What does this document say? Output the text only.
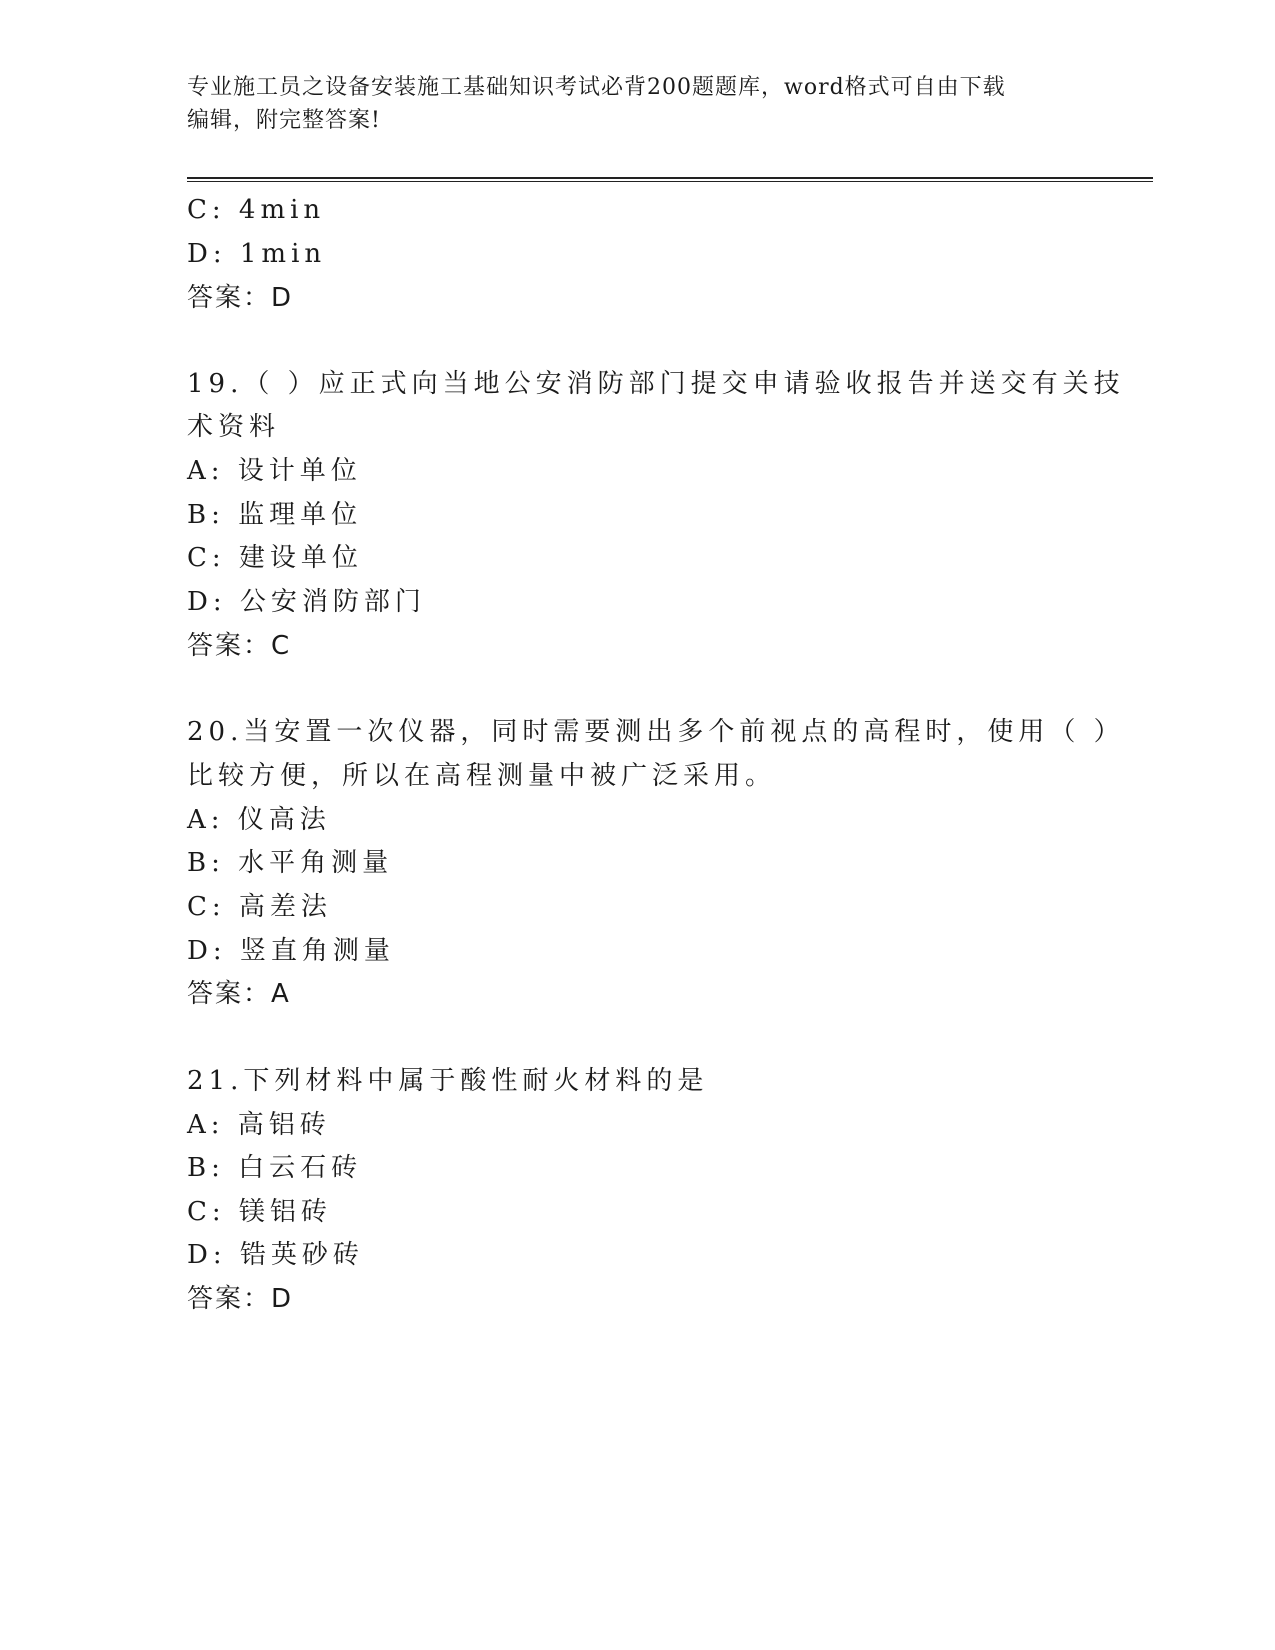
专业施工员之设备安装施工基础知识考试必背200题题库，word格式可自由下载
编辑，附完整答案!
C: 4min
D: 1min
答案：D
19.（ ）应正式向当地公安消防部门提交申请验收报告并送交有关技
术资料
A: 设计单位
B: 监理单位
C: 建设单位
D: 公安消防部门
答案：C
20.当安置一次仪器，同时需要测出多个前视点的高程时，使用（ ）
比较方便，所以在高程测量中被广泛采用。
A: 仪高法
B: 水平角测量
C: 高差法
D: 竖直角测量
答案：A
21.下列材料中属于酸性耐火材料的是
A: 高铝砖
B: 白云石砖
C: 镁铝砖
D: 锆英砂砖
答案：D
